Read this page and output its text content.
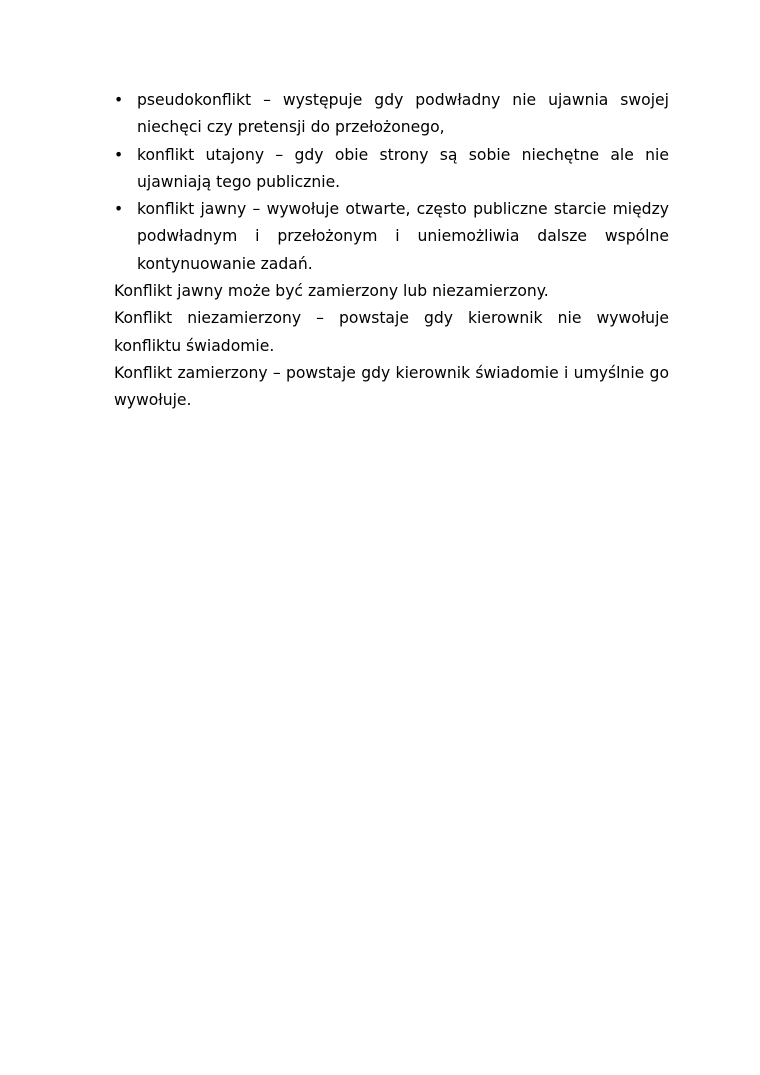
• pseudokonflikt – występuje gdy podwładny nie ujawnia swojej niechęci czy pretensji do przełożonego,
• konflikt utajony – gdy obie strony są sobie niechętne ale nie ujawniają tego publicznie.
• konflikt jawny – wywołuje otwarte, często publiczne starcie między podwładnym i przełożonym i uniemożliwia dalsze wspólne kontynuowanie zadań.

Konflikt jawny może być zamierzony lub niezamierzony.

Konflikt niezamierzony – powstaje gdy kierownik nie wywołuje konfliktu świadomie.

Konflikt zamierzony – powstaje gdy kierownik świadomie i umyślnie go wywołuje.
